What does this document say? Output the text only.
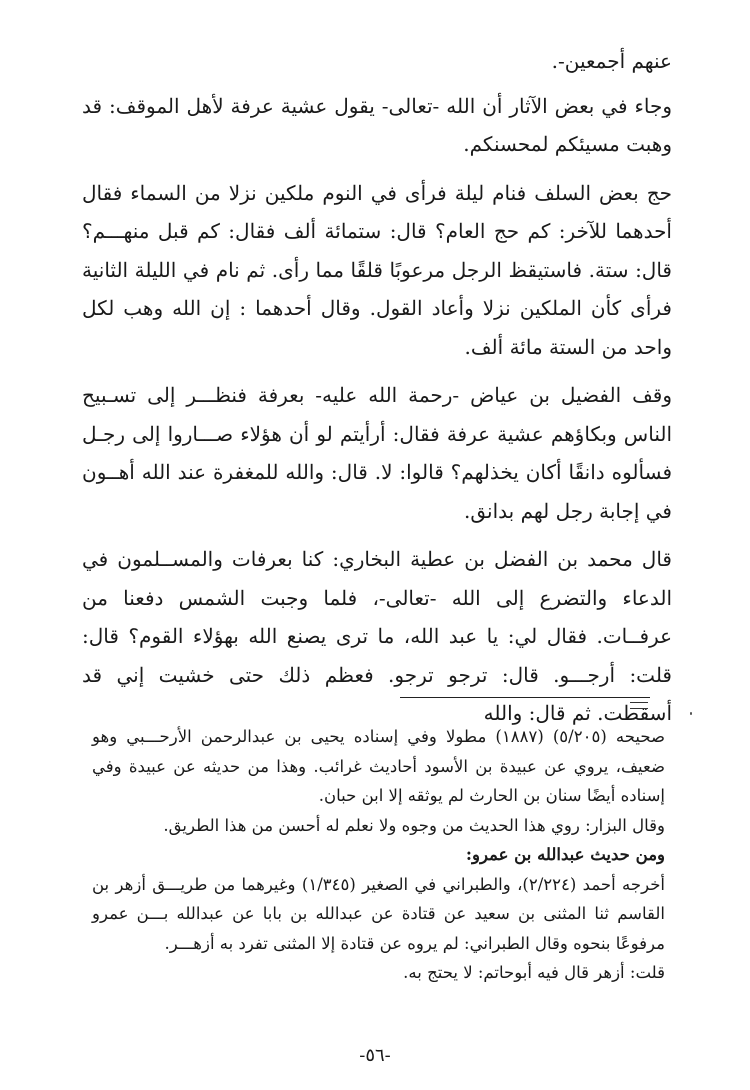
عنهم أجمعين-.

وجاء في بعض الآثار أن الله -تعالى- يقول عشية عرفة لأهل الموقف: قد وهبت مسيئكم لمحسنكم.

حج بعض السلف فنام ليلة فرأى في النوم ملكين نزلا من السماء فقال أحدهما للآخر: كم حج العام؟ قال: ستمائة ألف فقال: كم قبل منهـــم؟ قال: ستة. فاستيقظ الرجل مرعوبًا قلقًا مما رأى. ثم نام في الليلة الثانية فرأى كأن الملكين نزلا وأعاد القول. وقال أحدهما : إن الله وهب لكل واحد من الستة مائة ألف.

وقف الفضيل بن عياض -رحمة الله عليه- بعرفة فنظـــر إلى تسـبيح الناس وبكاؤهم عشية عرفة فقال: أرأيتم لو أن هؤلاء صـــاروا إلى رجـل فسألوه دانقًا أكان يخذلهم؟ قالوا: لا. قال: والله للمغفرة عند الله أهــون في إجابة رجل لهم بدانق.

قال محمد بن الفضل بن عطية البخاري: كنا بعرفات والمســلمون في الدعاء والتضرع إلى الله -تعالى-، فلما وجبت الشمس دفعنا من عرفــات. فقال لي: يا عبد الله، ما ترى يصنع الله بهؤلاء القوم؟ قال: قلت: أرجـــو. قال: ترجو ترجو. فعظم ذلك حتى خشيت إني قد أسقطت. ثم قال: والله

صحيحه (٥/٢٠٥) (١٨٨٧) مطولا وفي إسناده يحيى بن عبدالرحمن الأرحـــبي وهو ضعيف، يروي عن عبيدة بن الأسود أحاديث غرائب. وهذا من حديثه عن عبيدة وفي إسناده أيضًا سنان بن الحارث لم يوثقه إلا ابن حبان.

وقال البزار: روي هذا الحديث من وجوه ولا نعلم له أحسن من هذا الطريق.

ومن حديث عبدالله بن عمرو:

أخرجه أحمد (٢/٢٢٤)، والطبراني في الصغير (١/٣٤٥) وغيرهما من طريـــق أزهر بن القاسم ثنا المثنى بن سعيد عن قتادة عن عبدالله بن بابا عن عبدالله بـــن عمرو مرفوعًا بنحوه وقال الطبراني: لم يروه عن قتادة إلا المثنى تفرد به أزهـــر.

قلت: أزهر قال فيه أبوحاتم: لا يحتج به.

-٥٦-
